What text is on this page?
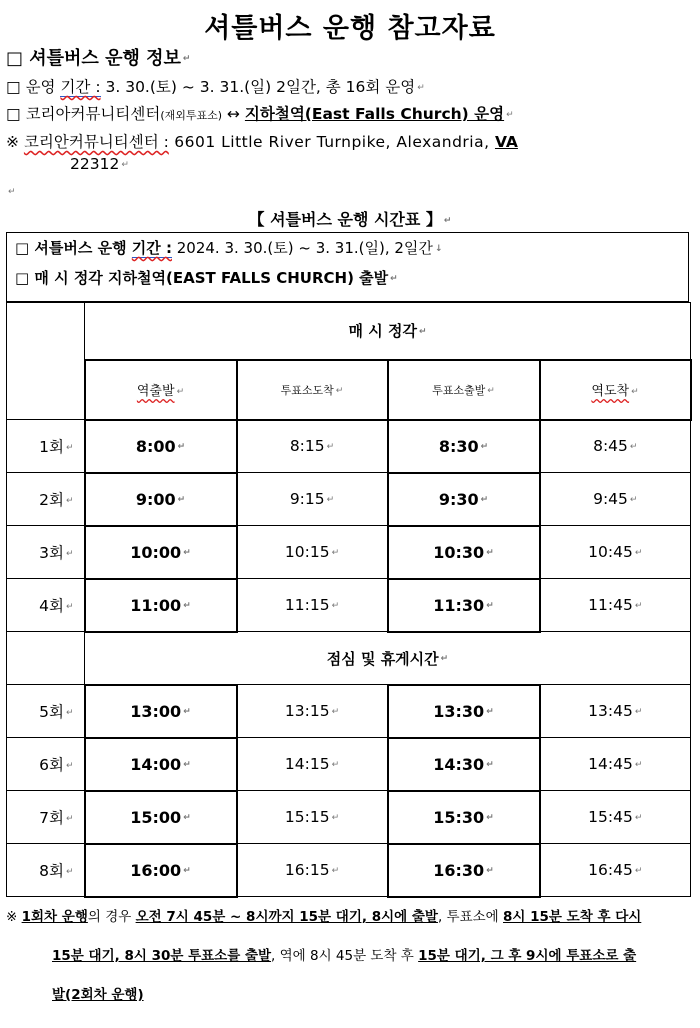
셔틀버스 운행 참고자료
□ 셔틀버스 운행 정보 ↵
□ 운영 기간 : 3. 30.(토) ~ 3. 31.(일) 2일간, 총 16회 운영 ↵
□ 코리아커뮤니티센터(재외투표소) ↔ 지하철역(East Falls Church) 운영 ↵
※ 코리안커뮤니티센터 : 6601 Little River Turnpike, Alexandria, VA
22312 ↵
↵
【 셔틀버스 운행 시간표 】 ↵
□ 셔틀버스 운행 기간 : 2024. 3. 30.(토) ~ 3. 31.(일), 2일간 ↓
□ 매 시 정각 지하철역(EAST FALLS CHURCH) 출발 ↵
	매 시 정각 ↵			
	역출발 ↵	투표소도착 ↵	투표소출발 ↵	역도착 ↵
1회 ↵	8:00 ↵	8:15 ↵	8:30 ↵	8:45 ↵
2회 ↵	9:00 ↵	9:15 ↵	9:30 ↵	9:45 ↵
3회 ↵	10:00 ↵	10:15 ↵	10:30 ↵	10:45 ↵
4회 ↵	11:00 ↵	11:15 ↵	11:30 ↵	11:45 ↵
	점심 및 휴게시간 ↵			
5회 ↵	13:00 ↵	13:15 ↵	13:30 ↵	13:45 ↵
6회 ↵	14:00 ↵	14:15 ↵	14:30 ↵	14:45 ↵
7회 ↵	15:00 ↵	15:15 ↵	15:30 ↵	15:45 ↵
8회 ↵	16:00 ↵	16:15 ↵	16:30 ↵	16:45 ↵
※ 1회차 운행의 경우 오전 7시 45분 ~ 8시까지 15분 대기, 8시에 출발, 투표소에 8시 15분 도착 후 다시
15분 대기, 8시 30분 투표소를 출발, 역에 8시 45분 도착 후 15분 대기, 그 후 9시에 투표소로 출
발(2회차 운행)
